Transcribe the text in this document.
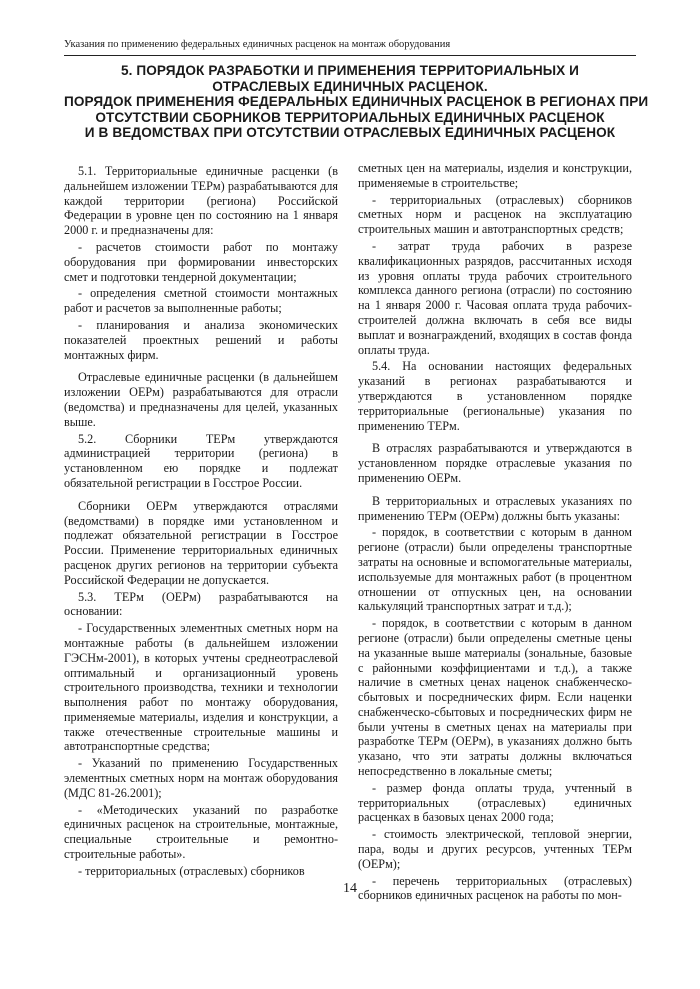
Указания по применению федеральных единичных расценок на монтаж оборудования
5. ПОРЯДОК РАЗРАБОТКИ И ПРИМЕНЕНИЯ ТЕРРИТОРИАЛЬНЫХ И
ОТРАСЛЕВЫХ ЕДИНИЧНЫХ РАСЦЕНОК.
ПОРЯДОК ПРИМЕНЕНИЯ ФЕДЕРАЛЬНЫХ ЕДИНИЧНЫХ РАСЦЕНОК В РЕГИОНАХ ПРИ
ОТСУТСТВИИ СБОРНИКОВ ТЕРРИТОРИАЛЬНЫХ ЕДИНИЧНЫХ РАСЦЕНОК
И В ВЕДОМСТВАХ ПРИ ОТСУТСТВИИ ОТРАСЛЕВЫХ ЕДИНИЧНЫХ РАСЦЕНОК

5.1. Территориальные единичные расценки (в дальнейшем изложении ТЕРм) разрабатываются для каждой территории (региона) Российской Федерации в уровне цен по состоянию на 1 января 2000 г. и предназначены для:

- расчетов стоимости работ по монтажу оборудования при формировании инвесторских смет и подготовки тендерной документации;

- определения сметной стоимости монтажных работ и расчетов за выполненные работы;

- планирования и анализа экономических показателей проектных решений и работы монтажных фирм.

Отраслевые единичные расценки (в дальнейшем изложении ОЕРм) разрабатываются для отрасли (ведомства) и предназначены для целей, указанных выше.

5.2. Сборники ТЕРм утверждаются администрацией территории (региона) в установленном ею порядке и подлежат обязательной регистрации в Госстрое России.

Сборники ОЕРм утверждаются отраслями (ведомствами) в порядке ими установленном и подлежат обязательной регистрации в Госстрое России. Применение территориальных единичных расценок других регионов на территории субъекта Российской Федерации не допускается.

5.3. ТЕРм (ОЕРм) разрабатываются на основании:

- Государственных элементных сметных норм на монтажные работы (в дальнейшем изложении ГЭСНм-2001), в которых учтены среднеотраслевой оптимальный и организационный уровень строительного производства, техники и технологии выполнения работ по монтажу оборудования, применяемые материалы, изделия и конструкции, а также отечественные строительные машины и автотранспортные средства;

- Указаний по применению Государственных элементных сметных норм на монтаж оборудования (МДС 81-26.2001);

- «Методических указаний по разработке единичных расценок на строительные, монтажные, специальные строительные и ремонтно-строительные работы».

- территориальных (отраслевых) сборников

сметных цен на материалы, изделия и конструкции, применяемые в строительстве;

- территориальных (отраслевых) сборников сметных норм и расценок на эксплуатацию строительных машин и автотранспортных средств;

- затрат труда рабочих в разрезе квалификационных разрядов, рассчитанных исходя из уровня оплаты труда рабочих строительного комплекса данного региона (отрасли) по состоянию на 1 января 2000 г. Часовая оплата труда рабочих-строителей должна включать в себя все виды выплат и вознаграждений, входящих в состав фонда оплаты труда.

5.4. На основании настоящих федеральных указаний в регионах разрабатываются и утверждаются в установленном порядке территориальные (региональные) указания по применению ТЕРм.

В отраслях разрабатываются и утверждаются в установленном порядке отраслевые указания по применению ОЕРм.

В территориальных и отраслевых указаниях по применению ТЕРм (ОЕРм) должны быть указаны:

- порядок, в соответствии с которым в данном регионе (отрасли) были определены транспортные затраты на основные и вспомогательные материалы, используемые для монтажных работ (в процентном отношении от отпускных цен, на основании калькуляций транспортных затрат и т.д.);

- порядок, в соответствии с которым в данном регионе (отрасли) были определены сметные цены на указанные выше материалы (зональные, базовые с районными коэффициентами и т.д.), а также наличие в сметных ценах наценок снабженческо-сбытовых и посреднических фирм. Если наценки снабженческо-сбытовых и посреднических фирм не были учтены в сметных ценах на материалы при разработке ТЕРм (ОЕРм), в указаниях должно быть указано, что эти затраты должны включаться непосредственно в локальные сметы;

- размер фонда оплаты труда, учтенный в территориальных (отраслевых) единичных расценках в базовых ценах 2000 года;

- стоимость электрической, тепловой энергии, пара, воды и других ресурсов, учтенных ТЕРм (ОЕРм);

- перечень территориальных (отраслевых) сборников единичных расценок на работы по мон-

14
